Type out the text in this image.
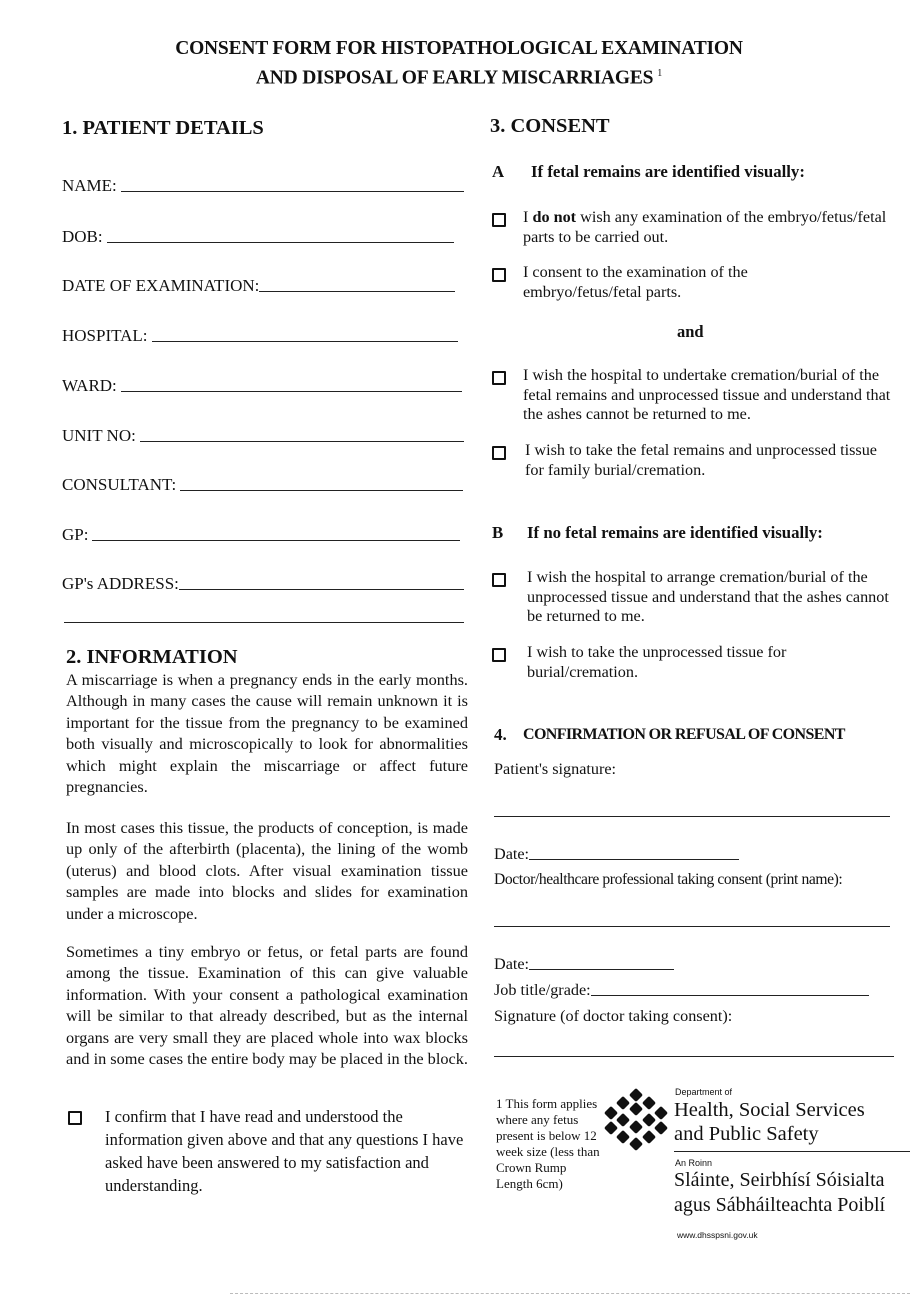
CONSENT FORM FOR HISTOPATHOLOGICAL EXAMINATION
AND DISPOSAL OF EARLY MISCARRIAGES $^1$
1. PATIENT DETAILS
NAME:
DOB:
DATE OF EXAMINATION:
HOSPITAL:
WARD:
UNIT NO:
CONSULTANT:
GP:
GP's ADDRESS:
2. INFORMATION
A miscarriage is when a pregnancy ends in the early months. Although in many cases the cause will remain unknown it is important for the tissue from the pregnancy to be examined both visually and microscopically to look for abnormalities which might explain the miscarriage or affect future pregnancies.
In most cases this tissue, the products of conception, is made up only of the afterbirth (placenta), the lining of the womb (uterus) and blood clots. After visual examination tissue samples are made into blocks and slides for examination under a microscope.
Sometimes a tiny embryo or fetus, or fetal parts are found among the tissue. Examination of this can give valuable information. With your consent a pathological examination will be similar to that already described, but as the internal organs are very small they are placed whole into wax blocks and in some cases the entire body may be placed in the block.
I confirm that I have read and understood the information given above and that any questions I have asked have been answered to my satisfaction and understanding.
3. CONSENT
A If fetal remains are identified visually:
I do not wish any examination of the embryo/fetus/fetal parts to be carried out.
I consent to the examination of the embryo/fetus/fetal parts.
and
I wish the hospital to undertake cremation/burial of the fetal remains and unprocessed tissue and understand that the ashes cannot be returned to me.
I wish to take the fetal remains and unprocessed tissue for family burial/cremation.
B If no fetal remains are identified visually:
I wish the hospital to arrange cremation/burial of the unprocessed tissue and understand that the ashes cannot be returned to me.
I wish to take the unprocessed tissue for burial/cremation.
4. CONFIRMATION OR REFUSAL OF CONSENT
Patient's signature:
Date:
Doctor/healthcare professional taking consent (print name):
Date:
Job title/grade:
Signature (of doctor taking consent):
1 This form applies where any fetus present is below 12 week size (less than Crown Rump Length 6cm)
Department of
Health, Social Services
and Public Safety
An Roinn
Sláinte, Seirbhísí Sóisialta
agus Sábháilteachta Poiblí
www.dhsspsni.gov.uk
